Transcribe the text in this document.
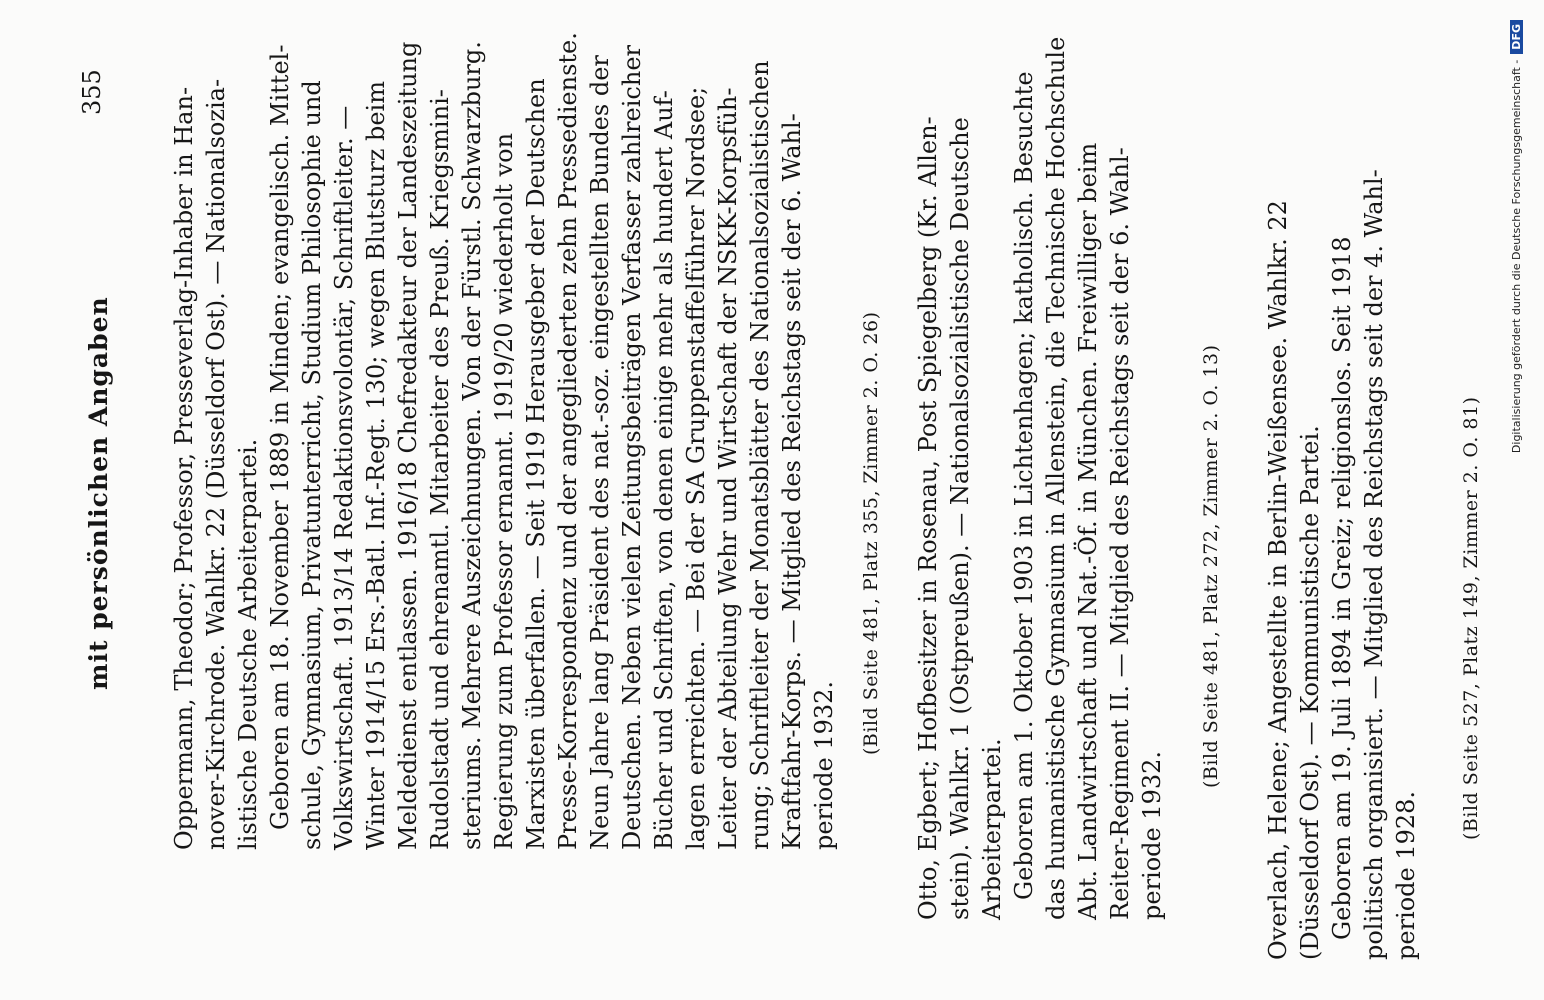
mit persönlichen Angaben
355	Oppermann, Theodor; Professor, Presseverlag-Inhaber in Han- nover-Kirchrode. Wahlkr. 22 (Düsseldorf Ost). — Nationalsozia- listische Deutsche Arbeiterpartei. Geboren am 18. November 1889 in Minden; evangelisch. Mittel- schule, Gymnasium, Privatunterricht, Studium Philosophie und Volkswirtschaft. 1913/14 Redaktionsvolontär, Schriftleiter. — Winter 1914/15 Ers.-Batl. Inf.-Regt. 130; wegen Blutsturz beim Meldedienst entlassen. 1916/18 Chefredakteur der Landeszeitung Rudolstadt und ehrenamtl. Mitarbeiter des Preuß. Kriegsmini- steriums. Mehrere Auszeichnungen. Von der Fürstl. Schwarzburg. Regierung zum Professor ernannt. 1919/20 wiederholt von Marxisten überfallen. — Seit 1919 Herausgeber der Deutschen Presse-Korrespondenz und der angegliederten zehn Pressedienste. Neun Jahre lang Präsident des nat.-soz. eingestellten Bundes der Deutschen. Neben vielen Zeitungsbeiträgen Verfasser zahlreicher Bücher und Schriften, von denen einige mehr als hundert Auf- lagen erreichten. — Bei der SA Gruppenstaffelführer Nordsee; Leiter der Abteilung Wehr und Wirtschaft der NSKK-Korpsfüh- rung; Schriftleiter der Monatsblätter des Nationalsozialistischen Kraftfahr-Korps. — Mitglied des Reichstags seit der 6. Wahl- periode 1932.
(Bild Seite 481, Platz 355, Zimmer 2. O. 26) Otto, Egbert; Hofbesitzer in Rosenau, Post Spiegelberg (Kr. Allen- stein). Wahlkr. 1 (Ostpreußen). — Nationalsozialistische Deutsche Arbeiterpartei. Geboren am 1. Oktober 1903 in Lichtenhagen; katholisch. Besuchte das humanistische Gymnasium in Allenstein, die Technische Hochschule Abt. Landwirtschaft und Nat.-Öf. in München. Freiwilliger beim Reiter-Regiment II. — Mitglied des Reichstags seit der 6. Wahl- periode 1932.
(Bild Seite 481, Platz 272, Zimmer 2. O. 13) Overlach, Helene; Angestellte in Berlin-Weißensee. Wahlkr. 22 (Düsseldorf Ost). — Kommunistische Partei. Geboren am 19. Juli 1894 in Greiz; religionslos. Seit 1918 politisch organisiert. — Mitglied des Reichstags seit der 4. Wahl- periode 1928.
(Bild Seite 527, Platz 149, Zimmer 2. O. 81)
Digitalisierung gefördert durch die Deutsche Forschungsgemeinschaft -DFG
